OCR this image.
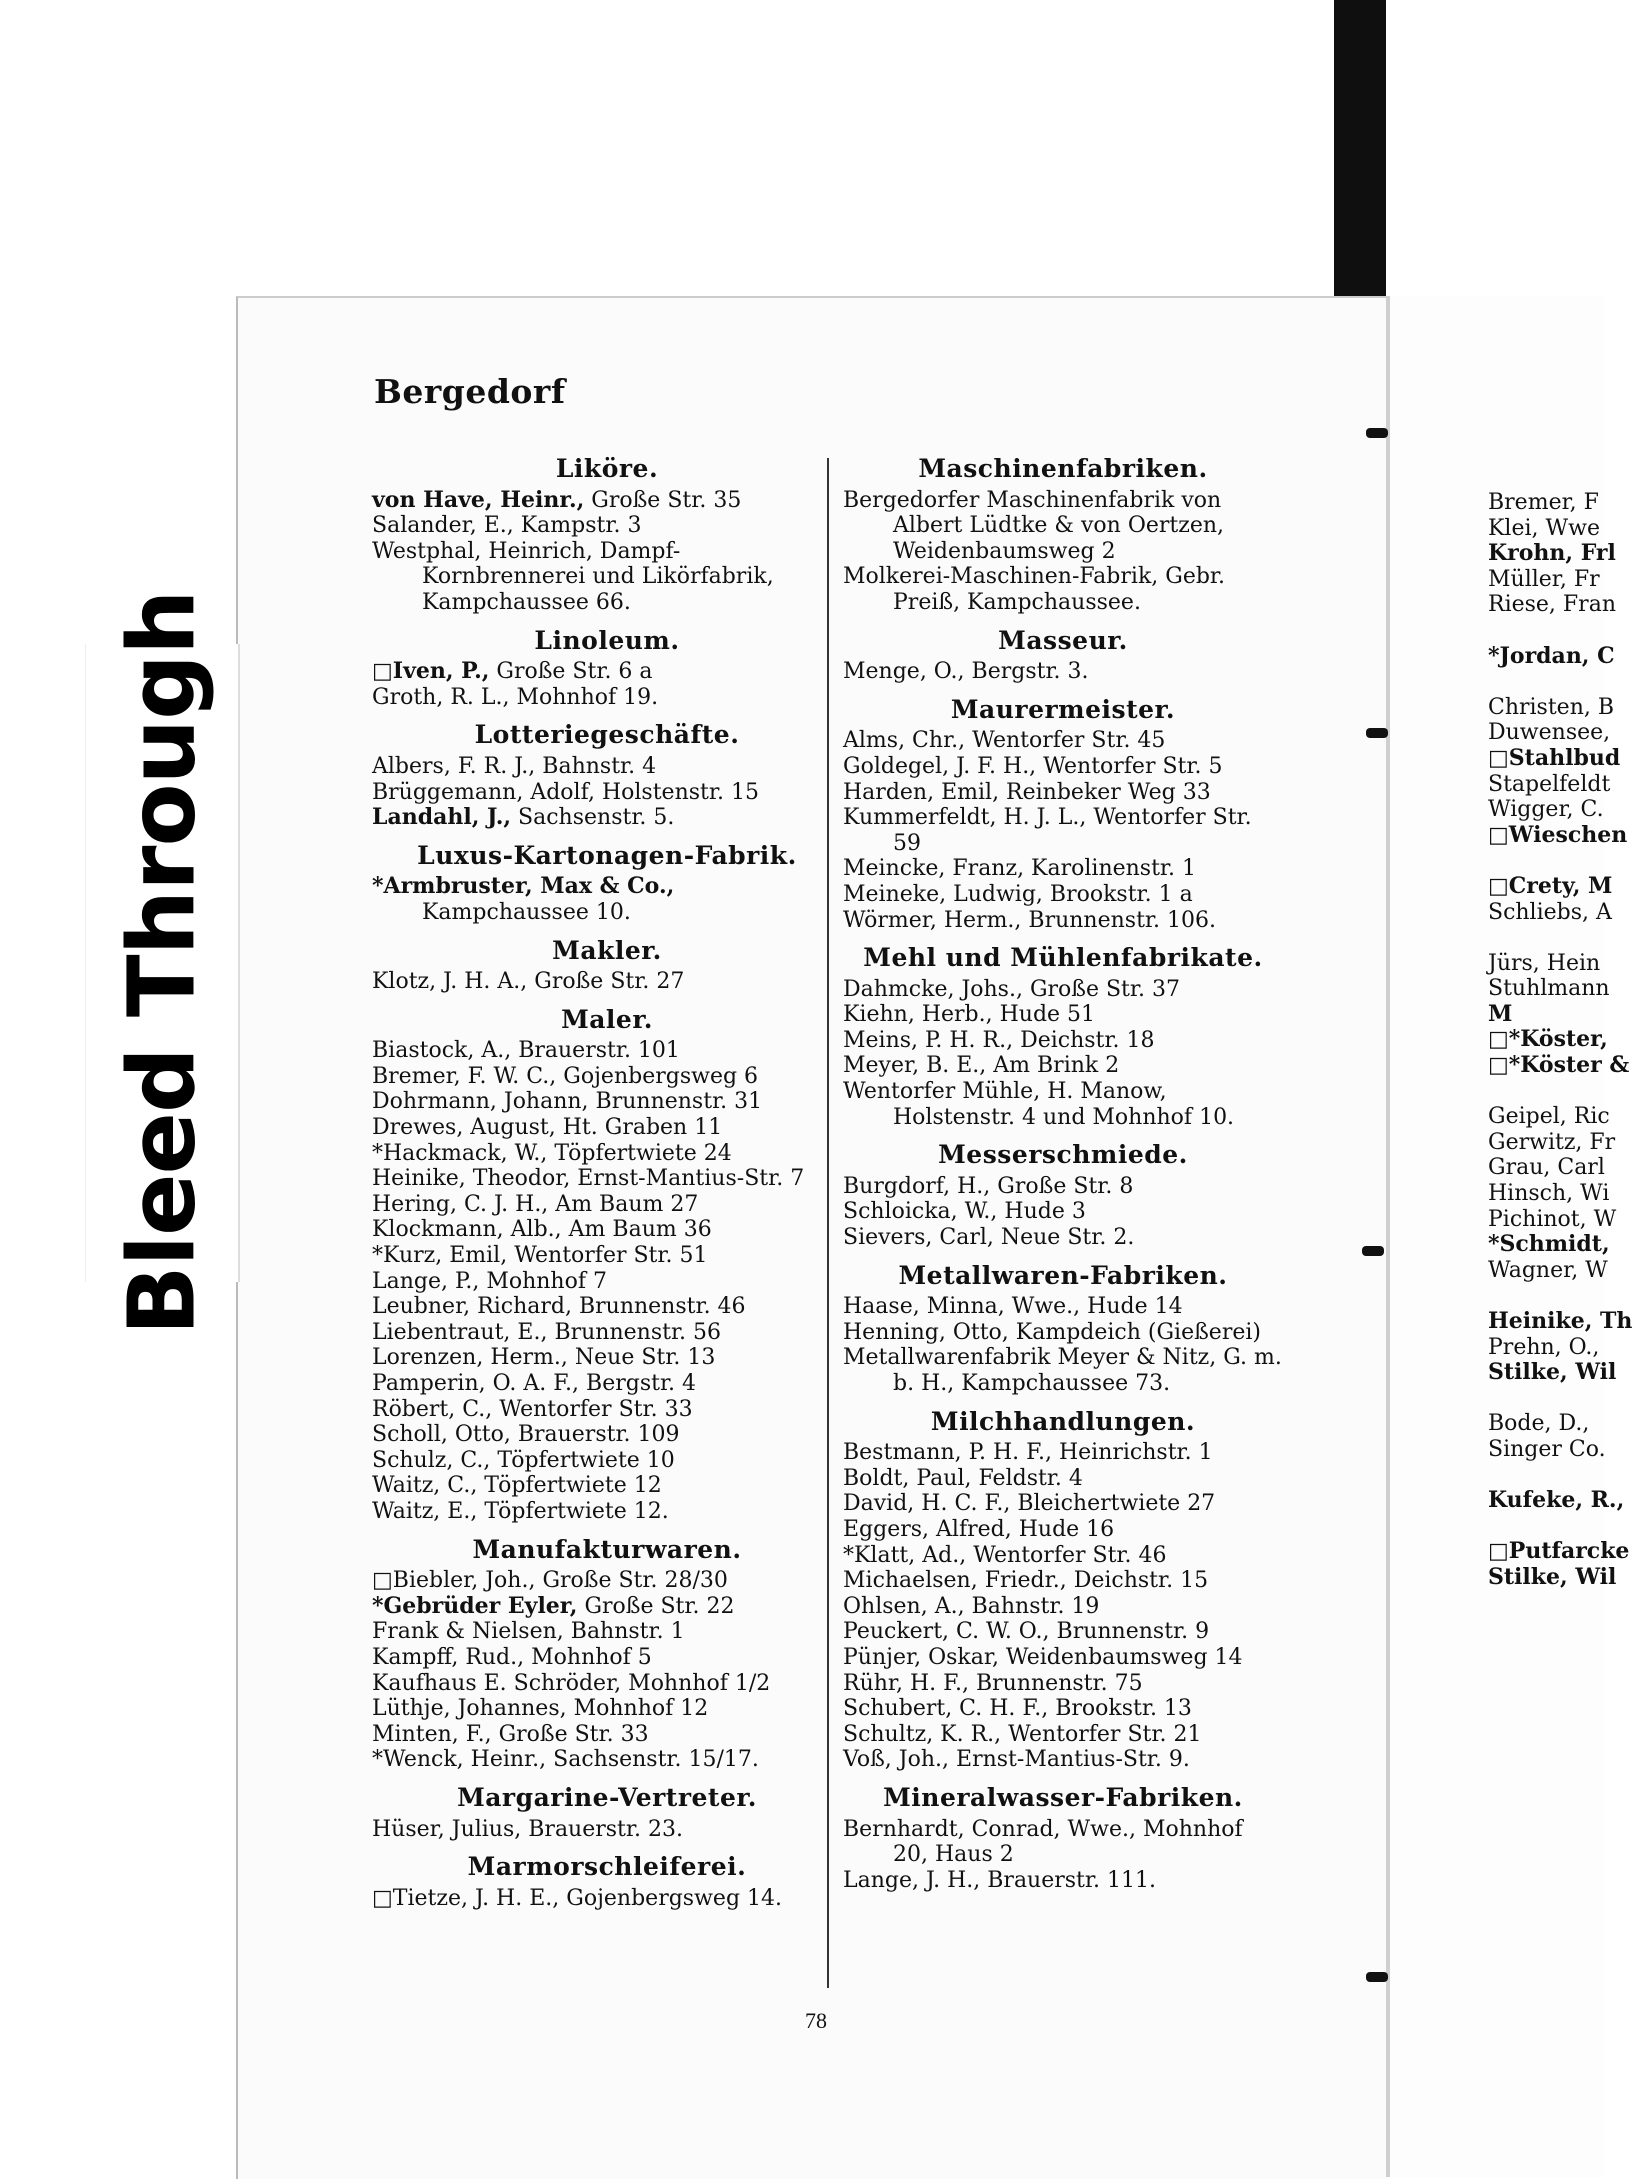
Bleed Through
Bergedorf
Liköre.
von Have, Heinr., Große Str. 35
Salander, E., Kampstr. 3
Westphal, Heinrich, Dampf-Kornbrennerei und Likörfabrik, Kampchaussee 66.
Linoleum.
□Iven, P., Große Str. 6 a
Groth, R. L., Mohnhof 19.
Lotteriegeschäfte.
Albers, F. R. J., Bahnstr. 4
Brüggemann, Adolf, Holstenstr. 15
Landahl, J., Sachsenstr. 5.
Luxus-Kartonagen-Fabrik.
*Armbruster, Max & Co., Kampchaussee 10.
Makler.
Klotz, J. H. A., Große Str. 27
Maler.
Biastock, A., Brauerstr. 101
Bremer, F. W. C., Gojenbergsweg 6
Dohrmann, Johann, Brunnenstr. 31
Drewes, August, Ht. Graben 11
*Hackmack, W., Töpfertwiete 24
Heinike, Theodor, Ernst-Mantius-Str. 7
Hering, C. J. H., Am Baum 27
Klockmann, Alb., Am Baum 36
*Kurz, Emil, Wentorfer Str. 51
Lange, P., Mohnhof 7
Leubner, Richard, Brunnenstr. 46
Liebentraut, E., Brunnenstr. 56
Lorenzen, Herm., Neue Str. 13
Pamperin, O. A. F., Bergstr. 4
Röbert, C., Wentorfer Str. 33
Scholl, Otto, Brauerstr. 109
Schulz, C., Töpfertwiete 10
Waitz, C., Töpfertwiete 12
Waitz, E., Töpfertwiete 12.
Manufakturwaren.
□Biebler, Joh., Große Str. 28/30
*Gebrüder Eyler, Große Str. 22
Frank & Nielsen, Bahnstr. 1
Kampff, Rud., Mohnhof 5
Kaufhaus E. Schröder, Mohnhof 1/2
Lüthje, Johannes, Mohnhof 12
Minten, F., Große Str. 33
*Wenck, Heinr., Sachsenstr. 15/17.
Margarine-Vertreter.
Hüser, Julius, Brauerstr. 23.
Marmorschleiferei.
□Tietze, J. H. E., Gojenbergsweg 14.
Maschinenfabriken.
Bergedorfer Maschinenfabrik von Albert Lüdtke & von Oertzen, Weidenbaumsweg 2
Molkerei-Maschinen-Fabrik, Gebr. Preiß, Kampchaussee.
Masseur.
Menge, O., Bergstr. 3.
Maurermeister.
Alms, Chr., Wentorfer Str. 45
Goldegel, J. F. H., Wentorfer Str. 5
Harden, Emil, Reinbeker Weg 33
Kummerfeldt, H. J. L., Wentorfer Str. 59
Meincke, Franz, Karolinenstr. 1
Meineke, Ludwig, Brookstr. 1 a
Wörmer, Herm., Brunnenstr. 106.
Mehl und Mühlenfabrikate.
Dahmcke, Johs., Große Str. 37
Kiehn, Herb., Hude 51
Meins, P. H. R., Deichstr. 18
Meyer, B. E., Am Brink 2
Wentorfer Mühle, H. Manow, Holstenstr. 4 und Mohnhof 10.
Messerschmiede.
Burgdorf, H., Große Str. 8
Schloicka, W., Hude 3
Sievers, Carl, Neue Str. 2.
Metallwaren-Fabriken.
Haase, Minna, Wwe., Hude 14
Henning, Otto, Kampdeich (Gießerei)
Metallwarenfabrik Meyer & Nitz, G. m. b. H., Kampchaussee 73.
Milchhandlungen.
Bestmann, P. H. F., Heinrichstr. 1
Boldt, Paul, Feldstr. 4
David, H. C. F., Bleichertwiete 27
Eggers, Alfred, Hude 16
*Klatt, Ad., Wentorfer Str. 46
Michaelsen, Friedr., Deichstr. 15
Ohlsen, A., Bahnstr. 19
Peuckert, C. W. O., Brunnenstr. 9
Pünjer, Oskar, Weidenbaumsweg 14
Rühr, H. F., Brunnenstr. 75
Schubert, C. H. F., Brookstr. 13
Schultz, K. R., Wentorfer Str. 21
Voß, Joh., Ernst-Mantius-Str. 9.
Mineralwasser-Fabriken.
Bernhardt, Conrad, Wwe., Mohnhof 20, Haus 2
Lange, J. H., Brauerstr. 111.
78
Bremer, F
Klei, Wwe
Krohn, Frl
Müller, Fr
Riese, Fran
*Jordan, C
Christen, B
Duwensee,
□Stahlbud
Stapelfeldt
Wigger, C.
□Wieschen
□Crety, M
Schliebs, A
Jürs, Hein
Stuhlmann
M
□*Köster,
□*Köster &
Geipel, Ric
Gerwitz, Fr
Grau, Carl
Hinsch, Wi
Pichinot, W
*Schmidt,
Wagner, W
Heinike, Th
Prehn, O.,
Stilke, Wil
Bode, D.,
Singer Co.
Kufeke, R.,
□Putfarcke
Stilke, Wil
